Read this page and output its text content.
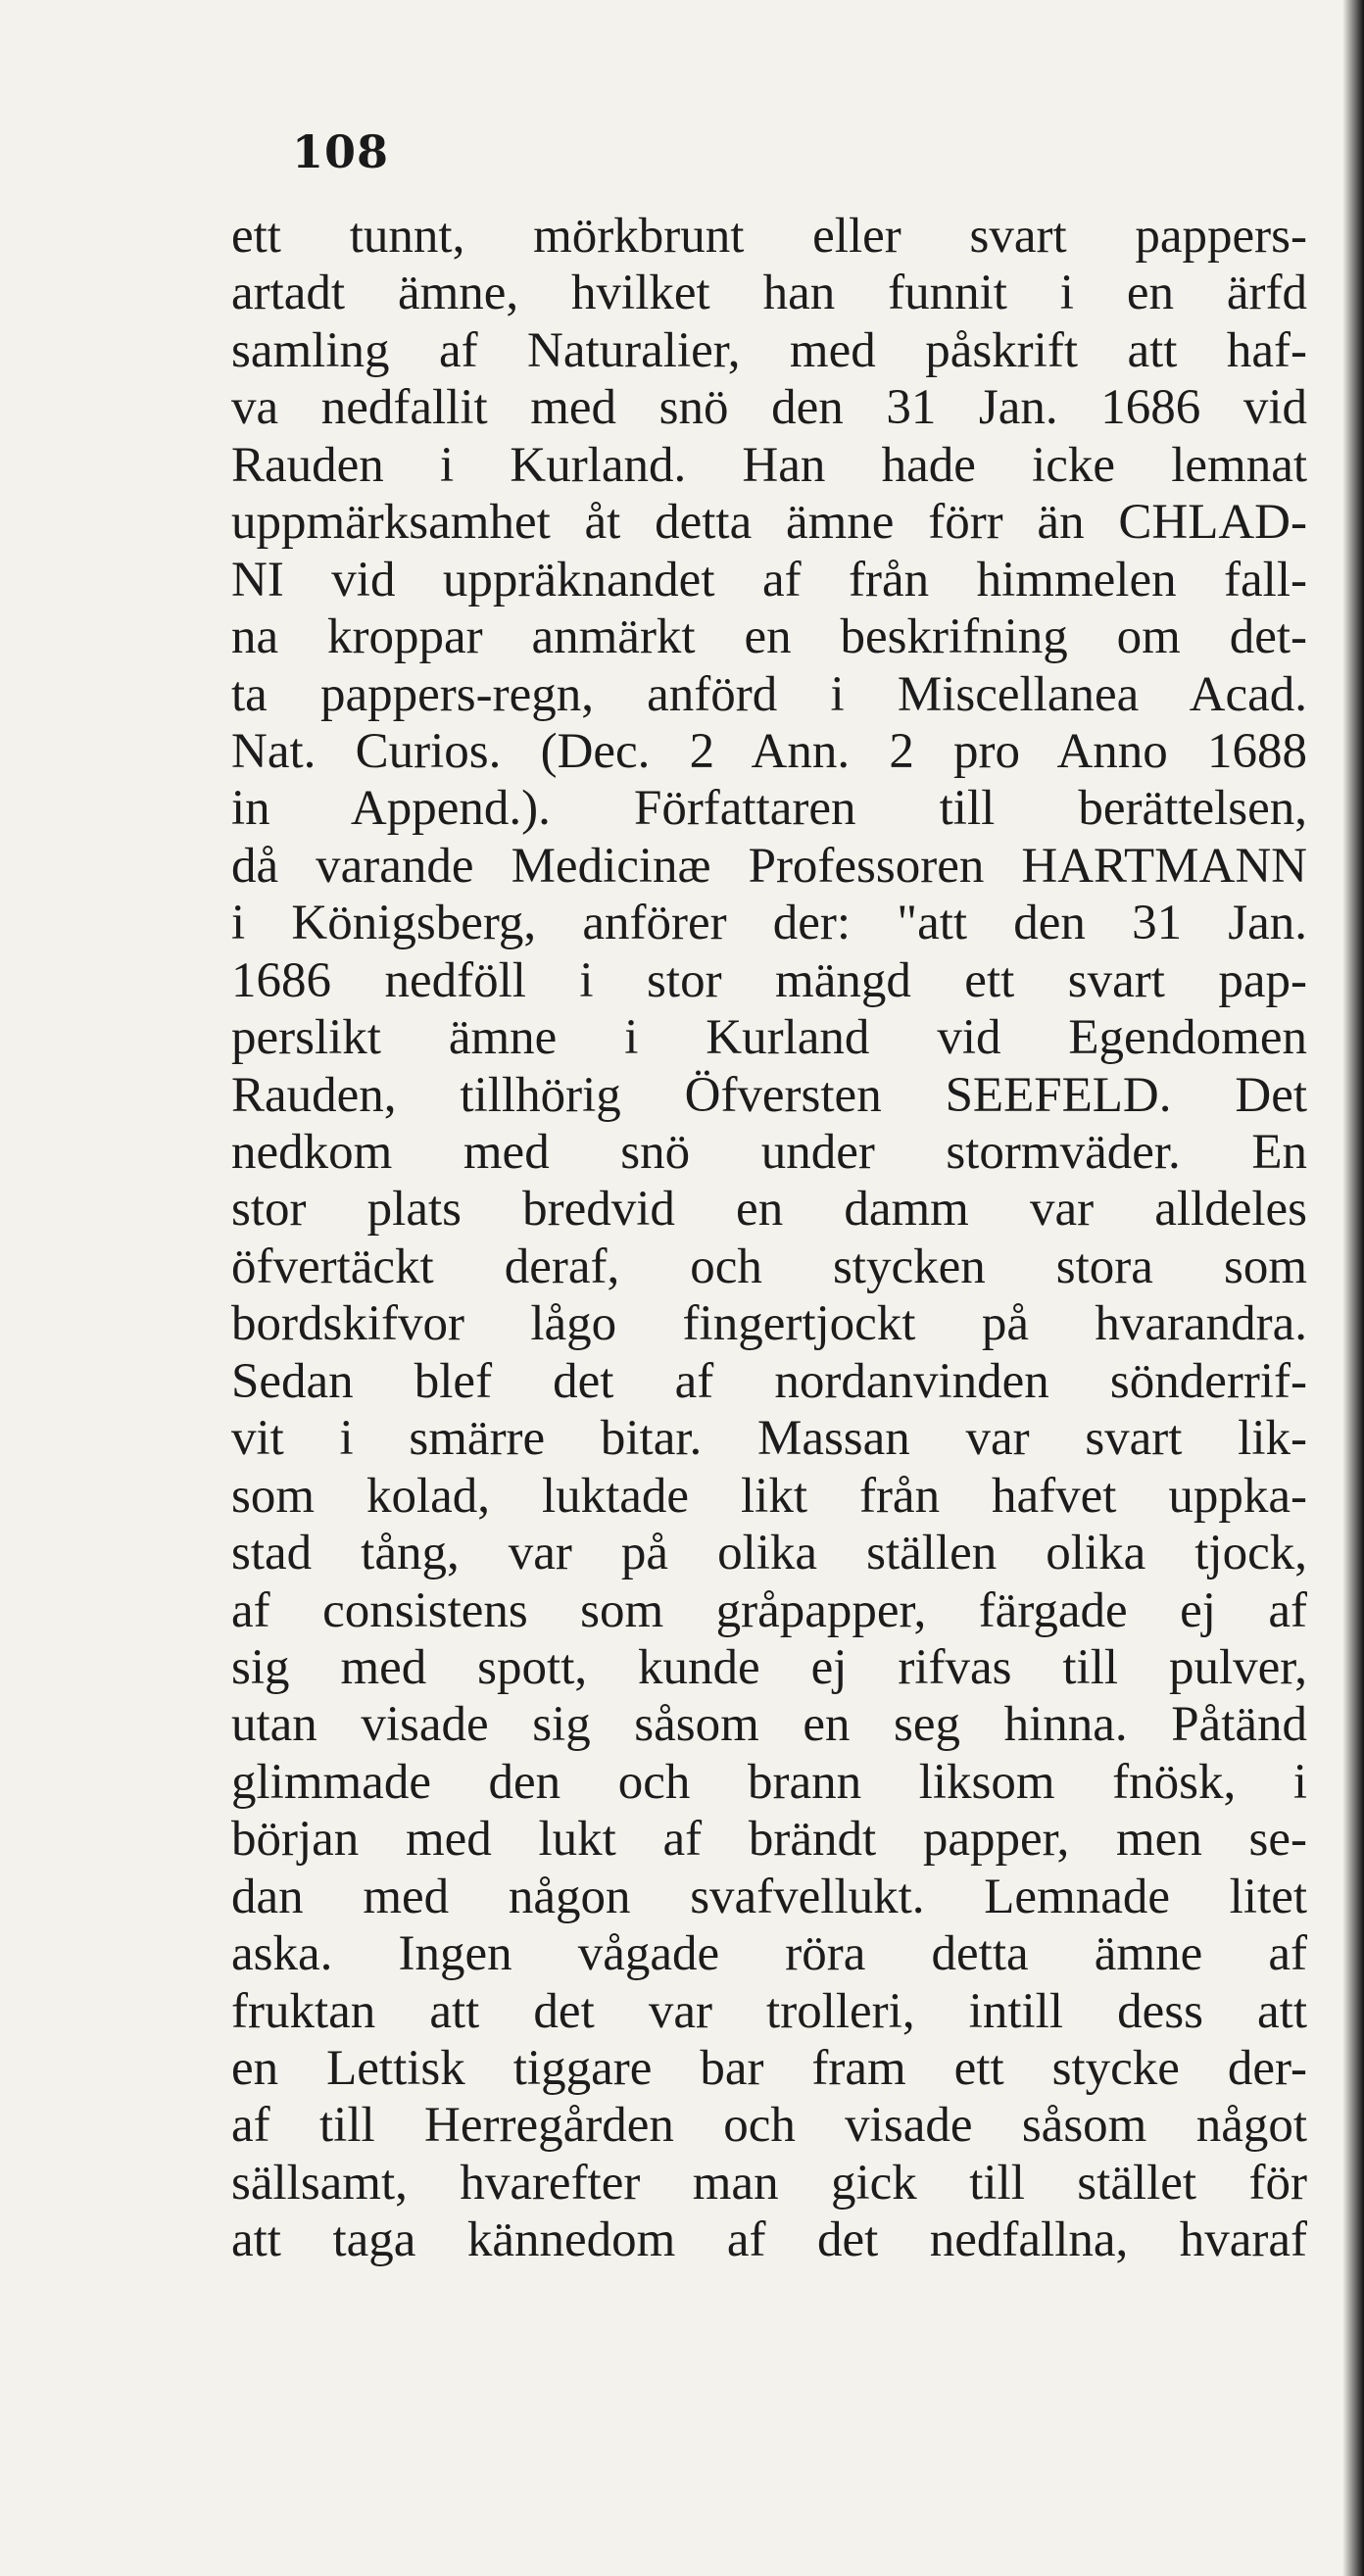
108
ett tunnt, mörkbrunt eller svart pappers-
artadt ämne, hvilket han funnit i en ärfd
samling af Naturalier, med påskrift att haf-
va nedfallit med snö den 31 Jan. 1686 vid
Rauden i Kurland. Han hade icke lemnat
uppmärksamhet åt detta ämne förr än CHLAD-
NI vid uppräknandet af från himmelen fall-
na kroppar anmärkt en beskrifning om det-
ta pappers-regn, anförd i Miscellanea Acad.
Nat. Curios. (Dec. 2 Ann. 2 pro Anno 1688
in Append.). Författaren till berättelsen,
då varande Medicinæ Professoren HARTMANN
i Königsberg, anförer der: "att den 31 Jan.
1686 nedföll i stor mängd ett svart pap-
perslikt ämne i Kurland vid Egendomen
Rauden, tillhörig Öfversten SEEFELD. Det
nedkom med snö under stormväder. En
stor plats bredvid en damm var alldeles
öfvertäckt deraf, och stycken stora som
bordskifvor lågo fingertjockt på hvarandra.
Sedan blef det af nordanvinden sönderrif-
vit i smärre bitar. Massan var svart lik-
som kolad, luktade likt från hafvet uppka-
stad tång, var på olika ställen olika tjock,
af consistens som gråpapper, färgade ej af
sig med spott, kunde ej rifvas till pulver,
utan visade sig såsom en seg hinna. Påtänd
glimmade den och brann liksom fnösk, i
början med lukt af brändt papper, men se-
dan med någon svafvellukt. Lemnade litet
aska. Ingen vågade röra detta ämne af
fruktan att det var trolleri, intill dess att
en Lettisk tiggare bar fram ett stycke der-
af till Herregården och visade såsom något
sällsamt, hvarefter man gick till stället för
att taga kännedom af det nedfallna, hvaraf
